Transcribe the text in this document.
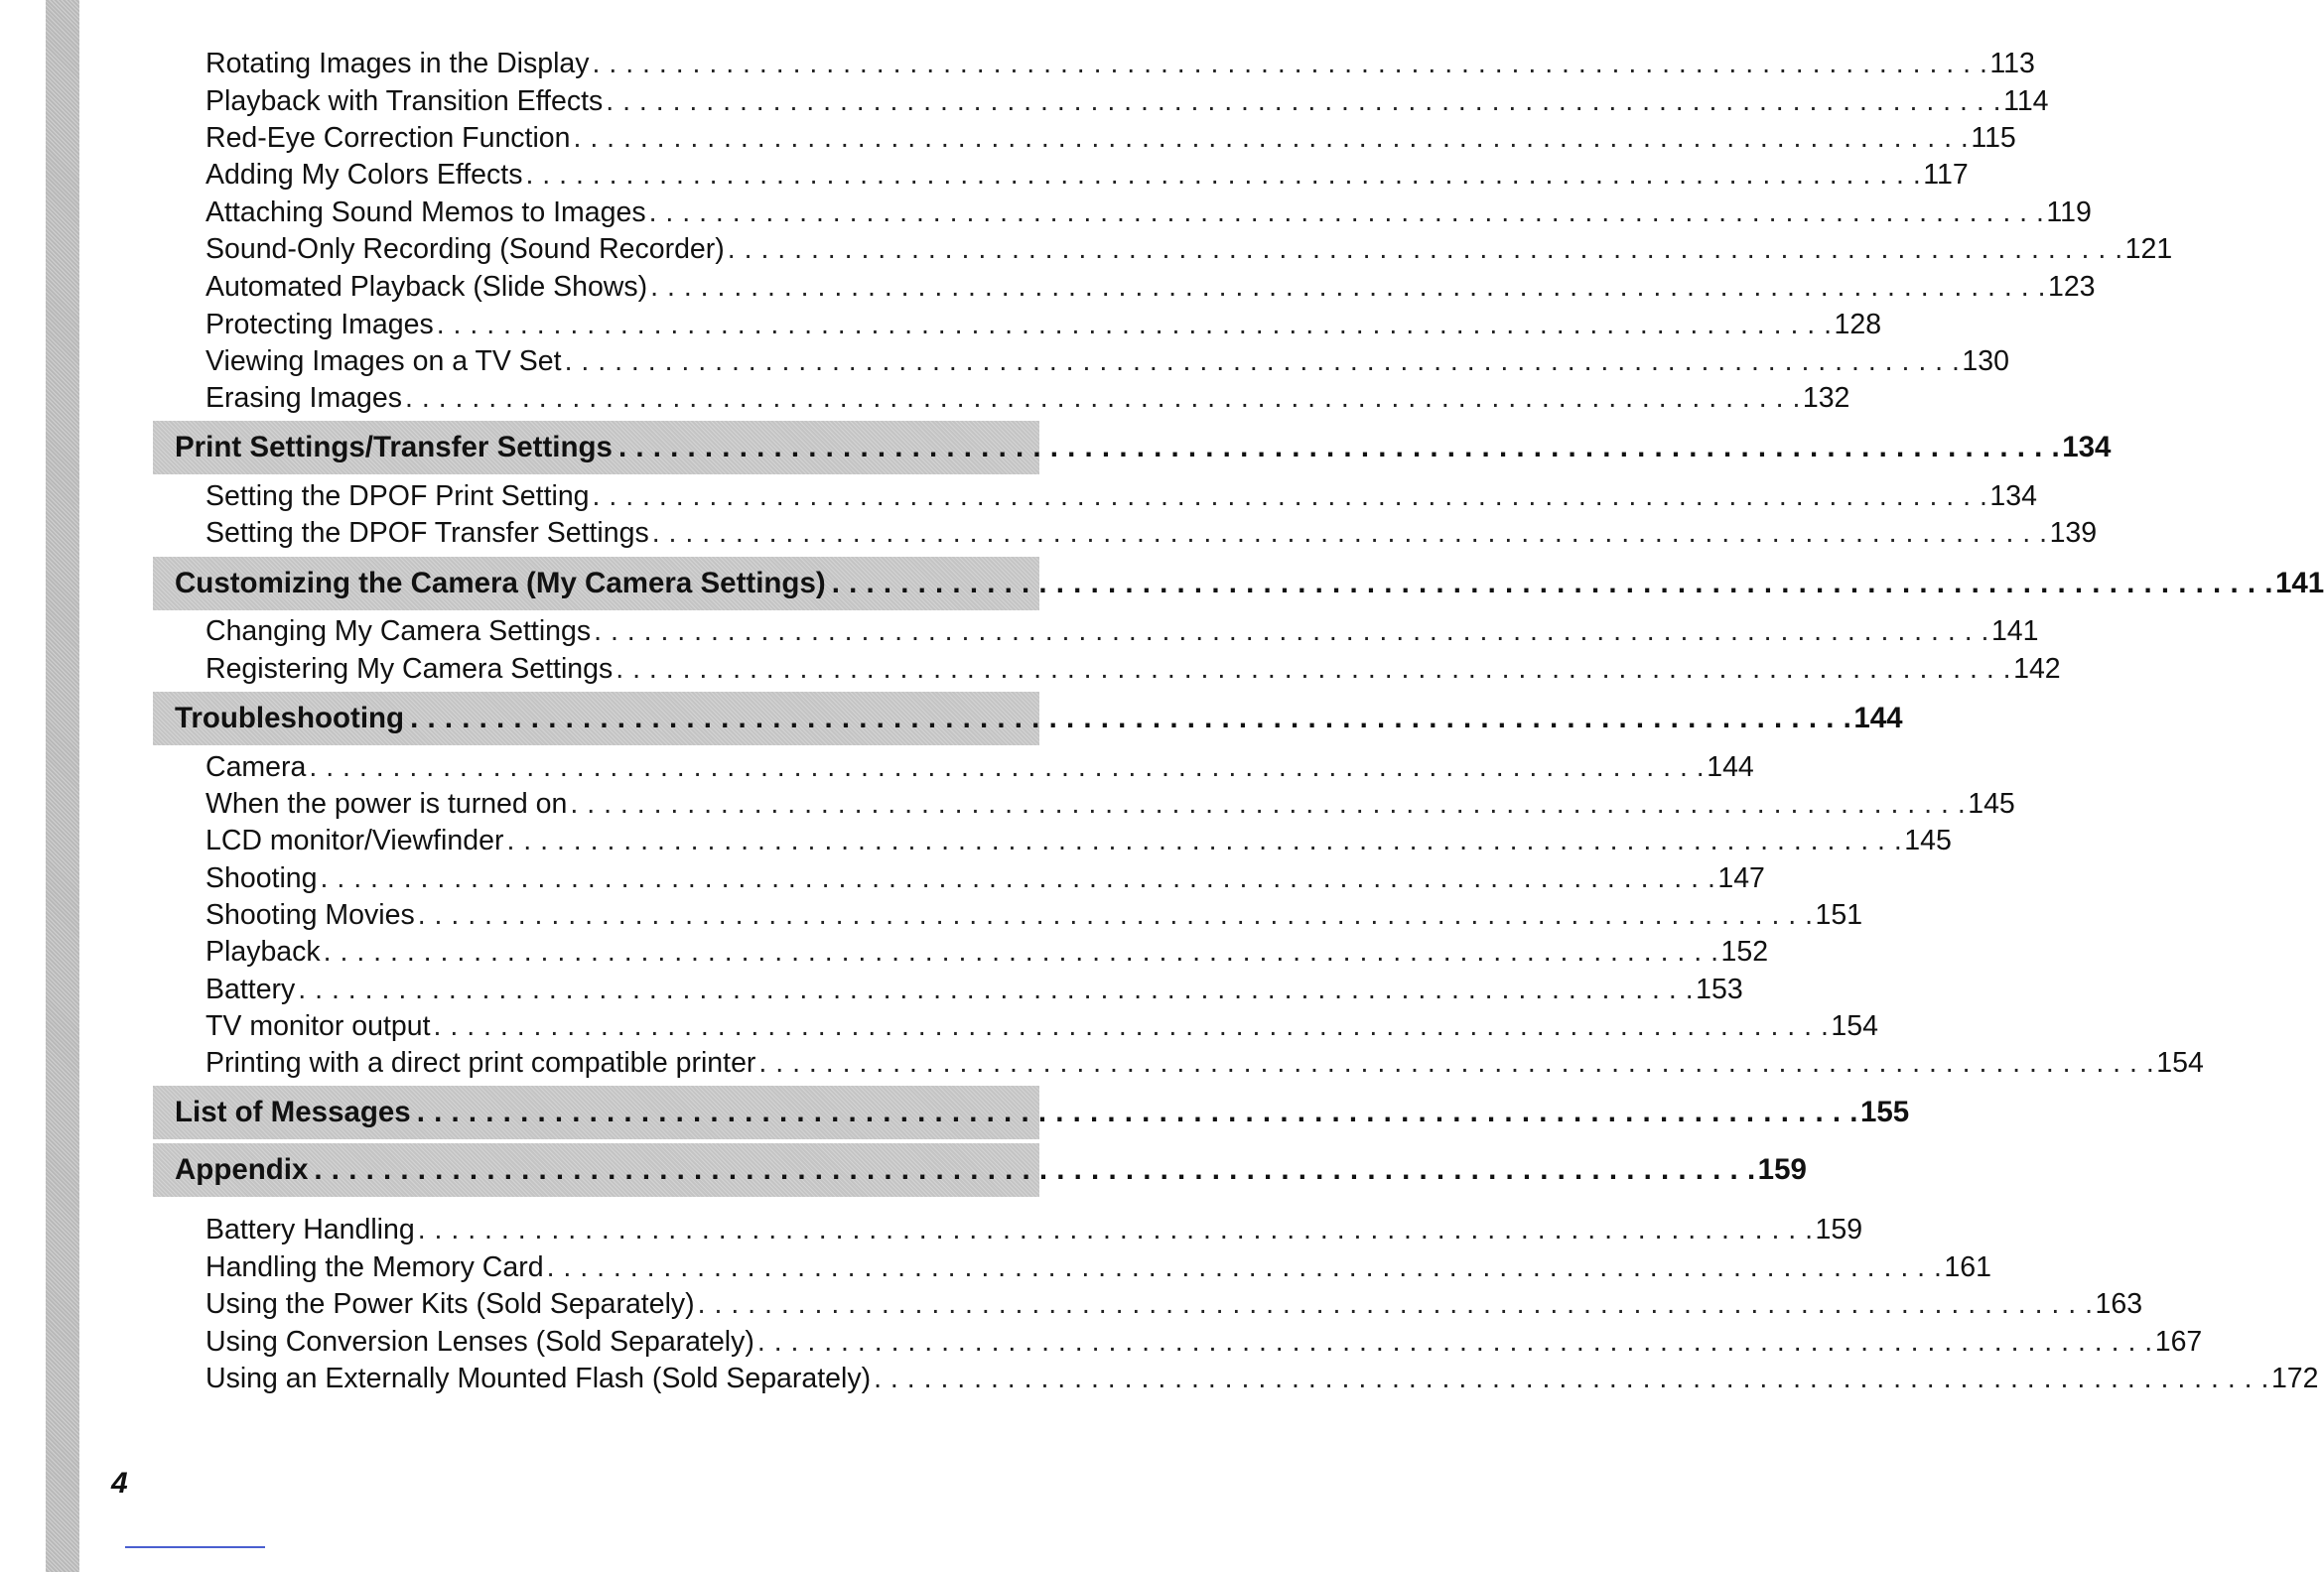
Rotating Images in the Display . . . . . . . . . . . . . . . . . . . . . . . . . . . . . . . . . . . . . . . . . . . . . . . . . . . . . . . . . . . . . . . . . . . . . . . . . . . . . . . . . . . . 113
Playback with Transition Effects . . . . . . . . . . . . . . . . . . . . . . . . . . . . . . . . . . . . . . . . . . . . . . . . . . . . . . . . . . . . . . . . . . . . . . . . . . . . . . . . . . . . 114
Red-Eye Correction Function . . . . . . . . . . . . . . . . . . . . . . . . . . . . . . . . . . . . . . . . . . . . . . . . . . . . . . . . . . . . . . . . . . . . . . . . . . . . . . . . . . . . 115
Adding My Colors Effects . . . . . . . . . . . . . . . . . . . . . . . . . . . . . . . . . . . . . . . . . . . . . . . . . . . . . . . . . . . . . . . . . . . . . . . . . . . . . . . . . . . . 117
Attaching Sound Memos to Images . . . . . . . . . . . . . . . . . . . . . . . . . . . . . . . . . . . . . . . . . . . . . . . . . . . . . . . . . . . . . . . . . . . . . . . . . . . . . . . . . . . . 119
Sound-Only Recording (Sound Recorder) . . . . . . . . . . . . . . . . . . . . . . . . . . . . . . . . . . . . . . . . . . . . . . . . . . . . . . . . . . . . . . . . . . . . . . . . . . . . . . . . . . . . 121
Automated Playback (Slide Shows) . . . . . . . . . . . . . . . . . . . . . . . . . . . . . . . . . . . . . . . . . . . . . . . . . . . . . . . . . . . . . . . . . . . . . . . . . . . . . . . . . . . . 123
Protecting Images . . . . . . . . . . . . . . . . . . . . . . . . . . . . . . . . . . . . . . . . . . . . . . . . . . . . . . . . . . . . . . . . . . . . . . . . . . . . . . . . . . . . 128
Viewing Images on a TV Set . . . . . . . . . . . . . . . . . . . . . . . . . . . . . . . . . . . . . . . . . . . . . . . . . . . . . . . . . . . . . . . . . . . . . . . . . . . . . . . . . . . . 130
Erasing Images . . . . . . . . . . . . . . . . . . . . . . . . . . . . . . . . . . . . . . . . . . . . . . . . . . . . . . . . . . . . . . . . . . . . . . . . . . . . . . . . . . . . 132
Print Settings/Transfer Settings . . . . . . . . . . . . . . . . . . . . . . . . . . . . . . . . . . . . . . . . . . . . . . . . . . . . . . . . . . . . . . . . . . . . . . . . . . . . . . . . . . . . 134
Setting the DPOF Print Setting . . . . . . . . . . . . . . . . . . . . . . . . . . . . . . . . . . . . . . . . . . . . . . . . . . . . . . . . . . . . . . . . . . . . . . . . . . . . . . . . . . . . 134
Setting the DPOF Transfer Settings . . . . . . . . . . . . . . . . . . . . . . . . . . . . . . . . . . . . . . . . . . . . . . . . . . . . . . . . . . . . . . . . . . . . . . . . . . . . . . . . . . . . 139
Customizing the Camera (My Camera Settings) . . . . . . . . . . . . . . . . . . . . . . . . . . . . . . . . . . . . . . . . . . . . . . . . . . . . . . . . . . . . . . . . . . . . . . . . . . . . . . . . . . . . 141
Changing My Camera Settings . . . . . . . . . . . . . . . . . . . . . . . . . . . . . . . . . . . . . . . . . . . . . . . . . . . . . . . . . . . . . . . . . . . . . . . . . . . . . . . . . . . . 141
Registering My Camera Settings . . . . . . . . . . . . . . . . . . . . . . . . . . . . . . . . . . . . . . . . . . . . . . . . . . . . . . . . . . . . . . . . . . . . . . . . . . . . . . . . . . . . 142
Troubleshooting . . . . . . . . . . . . . . . . . . . . . . . . . . . . . . . . . . . . . . . . . . . . . . . . . . . . . . . . . . . . . . . . . . . . . . . . . . . . . . . . . . . . 144
Camera . . . . . . . . . . . . . . . . . . . . . . . . . . . . . . . . . . . . . . . . . . . . . . . . . . . . . . . . . . . . . . . . . . . . . . . . . . . . . . . . . . . . 144
When the power is turned on . . . . . . . . . . . . . . . . . . . . . . . . . . . . . . . . . . . . . . . . . . . . . . . . . . . . . . . . . . . . . . . . . . . . . . . . . . . . . . . . . . . . 145
LCD monitor/Viewfinder . . . . . . . . . . . . . . . . . . . . . . . . . . . . . . . . . . . . . . . . . . . . . . . . . . . . . . . . . . . . . . . . . . . . . . . . . . . . . . . . . . . . 145
Shooting . . . . . . . . . . . . . . . . . . . . . . . . . . . . . . . . . . . . . . . . . . . . . . . . . . . . . . . . . . . . . . . . . . . . . . . . . . . . . . . . . . . . 147
Shooting Movies . . . . . . . . . . . . . . . . . . . . . . . . . . . . . . . . . . . . . . . . . . . . . . . . . . . . . . . . . . . . . . . . . . . . . . . . . . . . . . . . . . . . 151
Playback . . . . . . . . . . . . . . . . . . . . . . . . . . . . . . . . . . . . . . . . . . . . . . . . . . . . . . . . . . . . . . . . . . . . . . . . . . . . . . . . . . . . 152
Battery . . . . . . . . . . . . . . . . . . . . . . . . . . . . . . . . . . . . . . . . . . . . . . . . . . . . . . . . . . . . . . . . . . . . . . . . . . . . . . . . . . . . 153
TV monitor output . . . . . . . . . . . . . . . . . . . . . . . . . . . . . . . . . . . . . . . . . . . . . . . . . . . . . . . . . . . . . . . . . . . . . . . . . . . . . . . . . . . . 154
Printing with a direct print compatible printer . . . . . . . . . . . . . . . . . . . . . . . . . . . . . . . . . . . . . . . . . . . . . . . . . . . . . . . . . . . . . . . . . . . . . . . . . . . . . . . . . . . . 154
List of Messages . . . . . . . . . . . . . . . . . . . . . . . . . . . . . . . . . . . . . . . . . . . . . . . . . . . . . . . . . . . . . . . . . . . . . . . . . . . . . . . . . . . . 155
Appendix . . . . . . . . . . . . . . . . . . . . . . . . . . . . . . . . . . . . . . . . . . . . . . . . . . . . . . . . . . . . . . . . . . . . . . . . . . . . . . . . . . . . 159
Battery Handling . . . . . . . . . . . . . . . . . . . . . . . . . . . . . . . . . . . . . . . . . . . . . . . . . . . . . . . . . . . . . . . . . . . . . . . . . . . . . . . . . . . . 159
Handling the Memory Card . . . . . . . . . . . . . . . . . . . . . . . . . . . . . . . . . . . . . . . . . . . . . . . . . . . . . . . . . . . . . . . . . . . . . . . . . . . . . . . . . . . . 161
Using the Power Kits (Sold Separately) . . . . . . . . . . . . . . . . . . . . . . . . . . . . . . . . . . . . . . . . . . . . . . . . . . . . . . . . . . . . . . . . . . . . . . . . . . . . . . . . . . . . 163
Using Conversion Lenses (Sold Separately) . . . . . . . . . . . . . . . . . . . . . . . . . . . . . . . . . . . . . . . . . . . . . . . . . . . . . . . . . . . . . . . . . . . . . . . . . . . . . . . . . . . . 167
Using an Externally Mounted Flash (Sold Separately) . . . . . . . . . . . . . . . . . . . . . . . . . . . . . . . . . . . . . . . . . . . . . . . . . . . . . . . . . . . . . . . . . . . . . . . . . . . . . . . . . . . . 172
4
